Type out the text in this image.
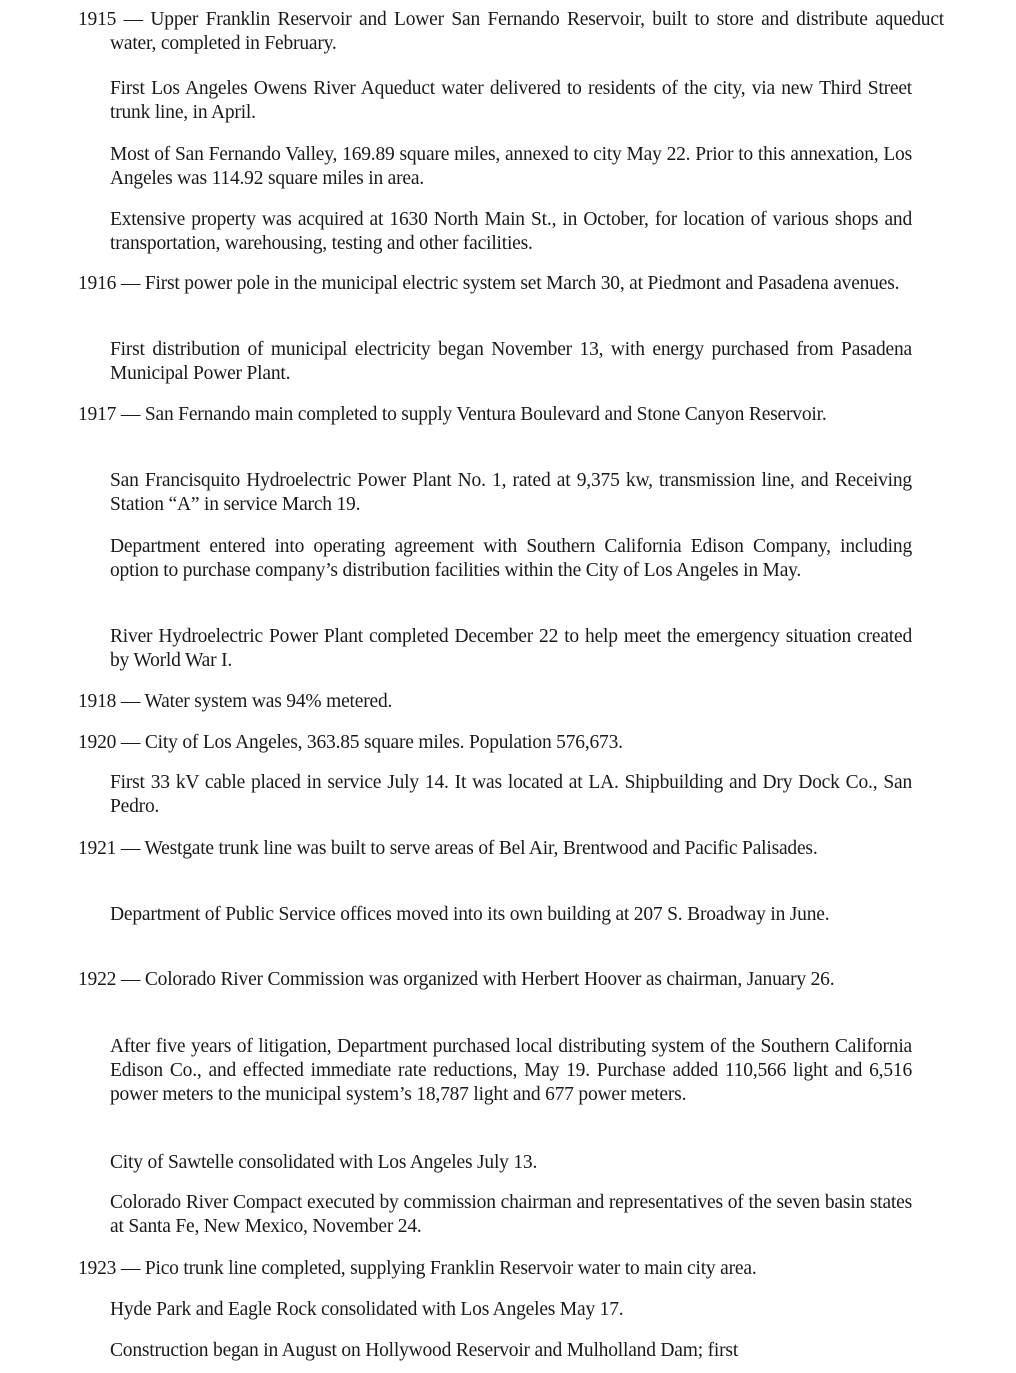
1915 — Upper Franklin Reservoir and Lower San Fernando Reservoir, built to store and distribute aqueduct water, completed in February.

First Los Angeles Owens River Aqueduct water delivered to residents of the city, via new Third Street trunk line, in April.

Most of San Fernando Valley, 169.89 square miles, annexed to city May 22. Prior to this annexation, Los Angeles was 114.92 square miles in area.

Extensive property was acquired at 1630 North Main St., in October, for location of various shops and transportation, warehousing, testing and other facilities.

1916 — First power pole in the municipal electric system set March 30, at Piedmont and Pasadena avenues.

First distribution of municipal electricity began November 13, with energy purchased from Pasadena Municipal Power Plant.

1917 — San Fernando main completed to supply Ventura Boulevard and Stone Canyon Reservoir.

San Francisquito Hydroelectric Power Plant No. 1, rated at 9,375 kw, transmission line, and Receiving Station “A” in service March 19.

Department entered into operating agreement with Southern California Edison Company, including option to purchase company’s distribution facilities within the City of Los Angeles in May.

River Hydroelectric Power Plant completed December 22 to help meet the emergency situation created by World War I.

1918 — Water system was 94% metered.

1920 — City of Los Angeles, 363.85 square miles. Population 576,673.

First 33 kV cable placed in service July 14. It was located at LA. Shipbuilding and Dry Dock Co., San Pedro.

1921 — Westgate trunk line was built to serve areas of Bel Air, Brentwood and Pacific Palisades.

Department of Public Service offices moved into its own building at 207 S. Broadway in June.

1922 — Colorado River Commission was organized with Herbert Hoover as chairman, January 26.

After five years of litigation, Department purchased local distributing system of the Southern California Edison Co., and effected immediate rate reductions, May 19. Purchase added 110,566 light and 6,516 power meters to the municipal system’s 18,787 light and 677 power meters.

City of Sawtelle consolidated with Los Angeles July 13.

Colorado River Compact executed by commission chairman and representatives of the seven basin states at Santa Fe, New Mexico, November 24.

1923 — Pico trunk line completed, supplying Franklin Reservoir water to main city area.

Hyde Park and Eagle Rock consolidated with Los Angeles May 17.

Construction began in August on Hollywood Reservoir and Mulholland Dam; first
